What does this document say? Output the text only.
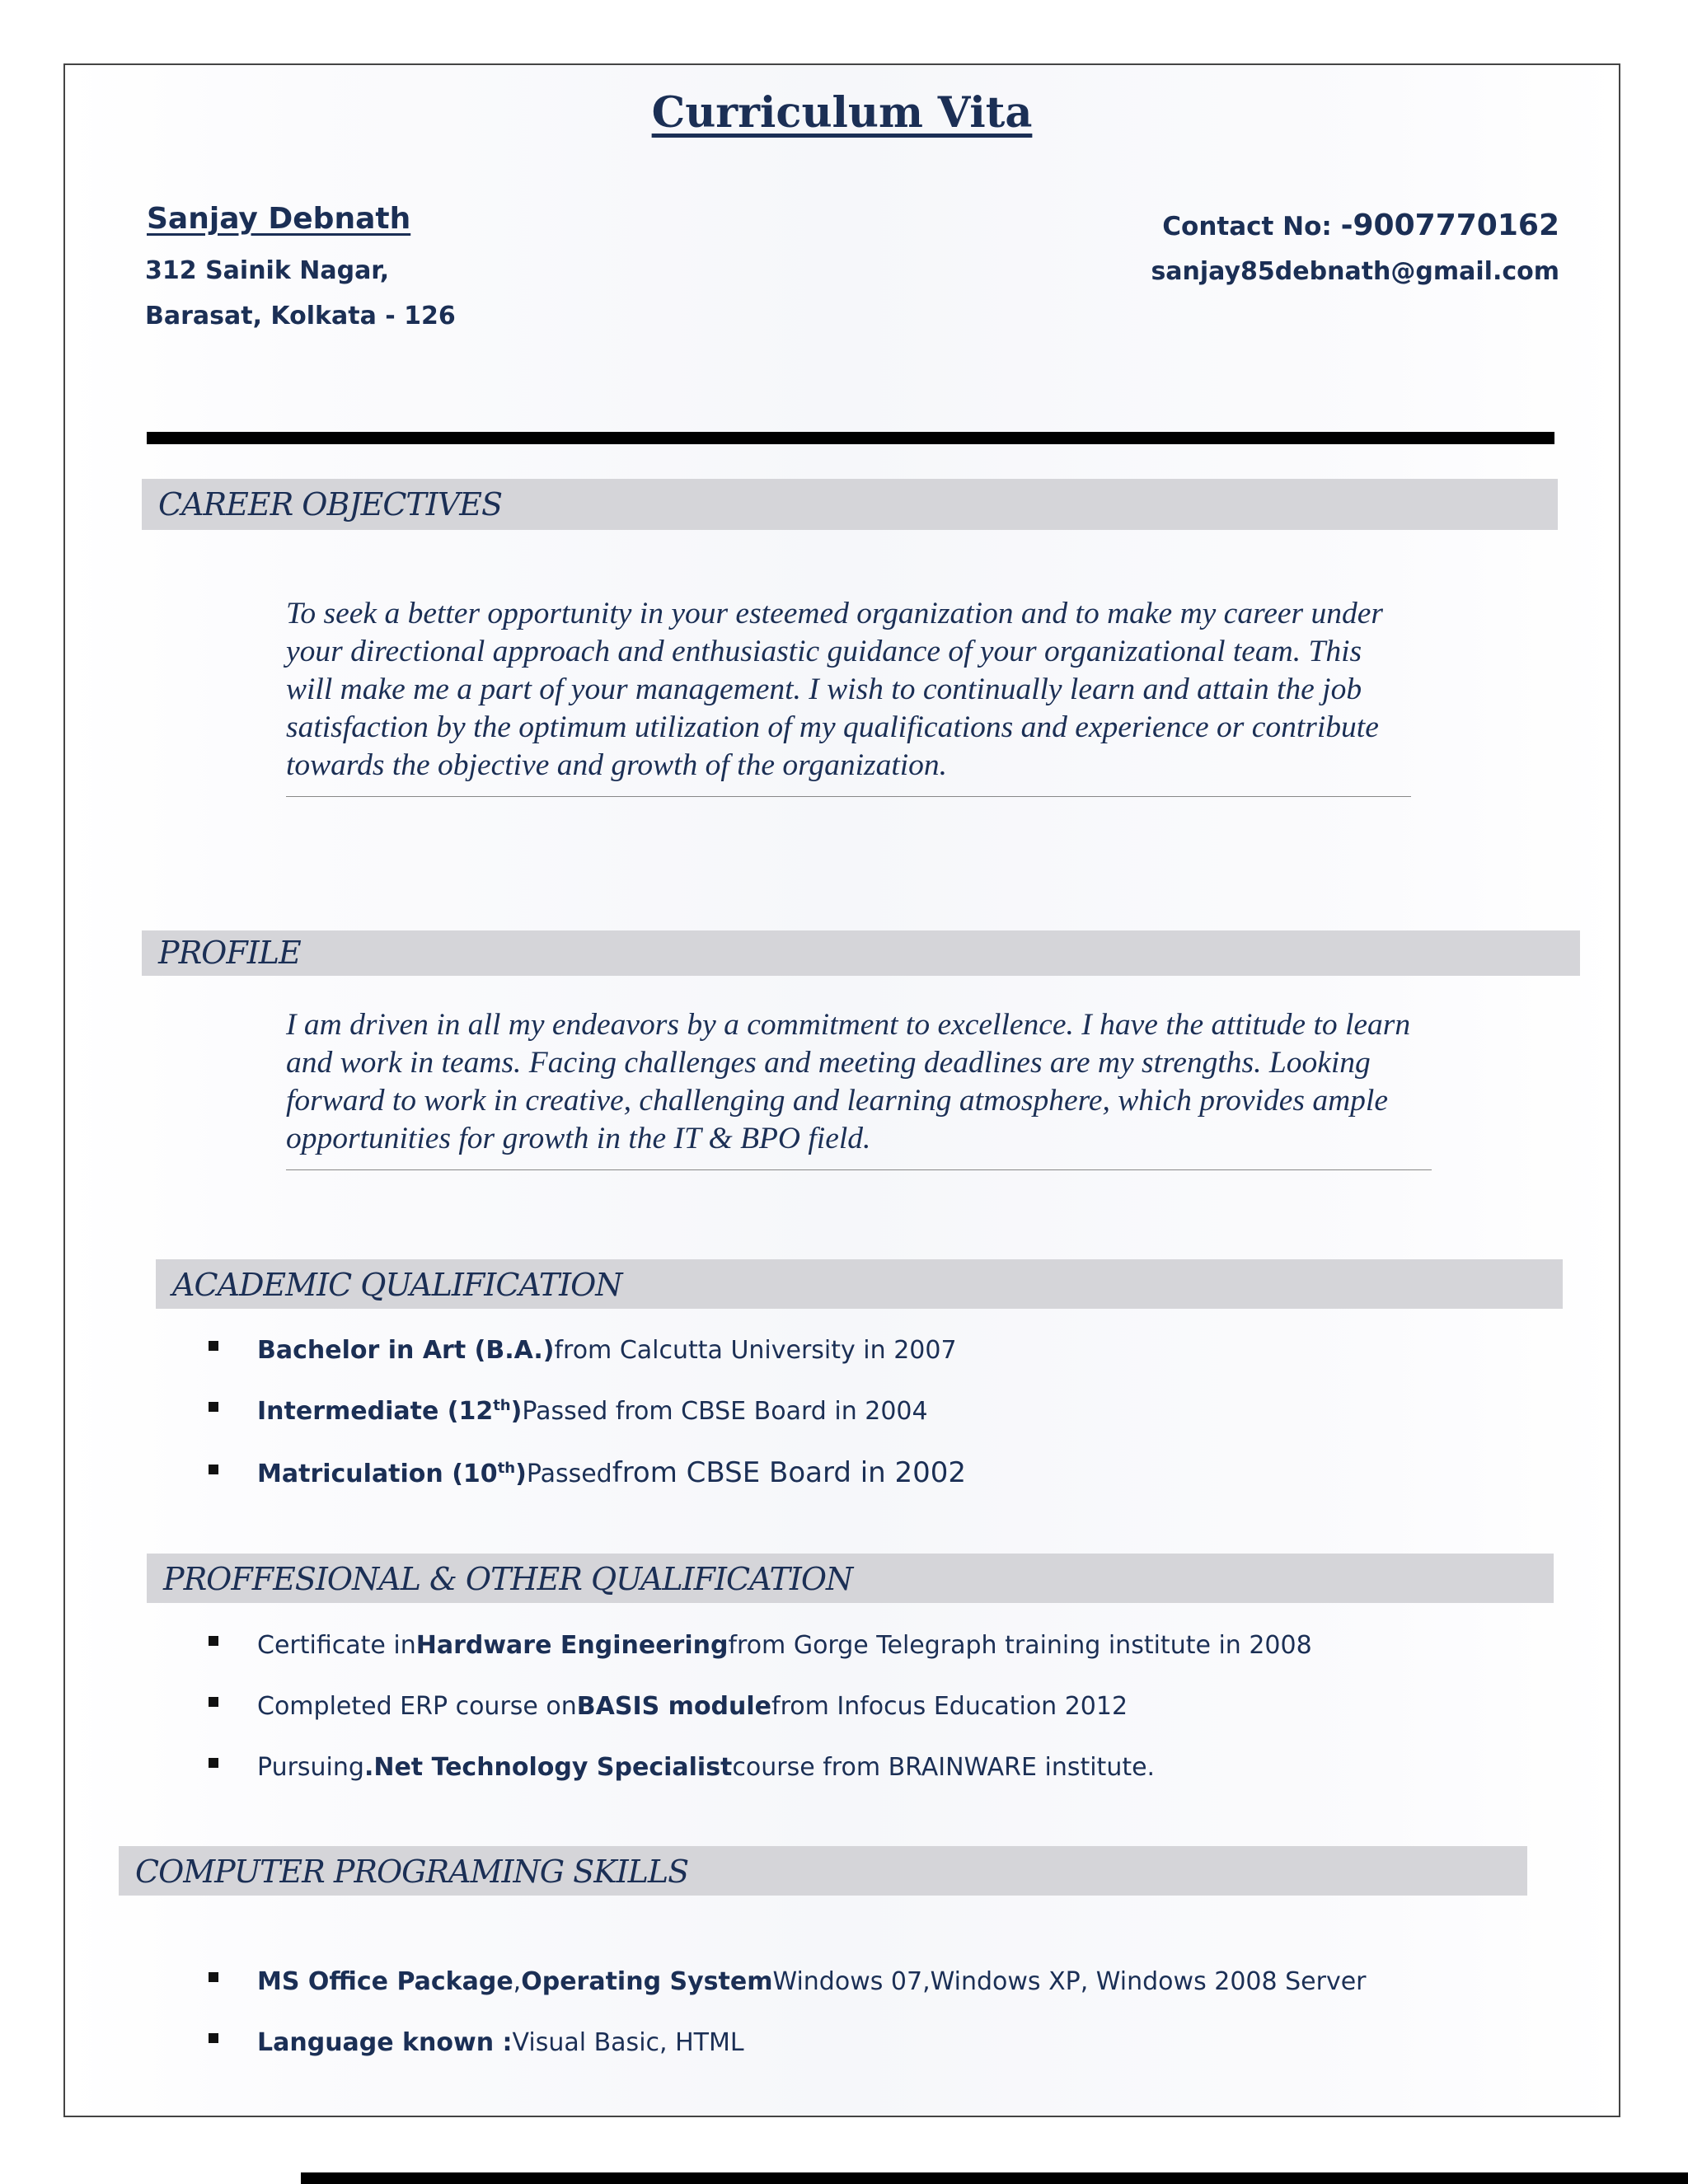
Curriculum Vita
Sanjay Debnath
312 Sainik Nagar,
Barasat, Kolkata - 126
Contact No: -9007770162
sanjay85debnath@gmail.com
CAREER OBJECTIVES
To seek a better opportunity in your esteemed organization and to make my career under your directional approach and enthusiastic guidance of your organizational team. This will make me a part of your management. I wish to continually learn and attain the job satisfaction by the optimum utilization of my qualifications and experience or contribute towards the objective and growth of the organization.
PROFILE
I am driven in all my endeavors by a commitment to excellence. I have the attitude to learn and work in teams. Facing challenges and meeting deadlines are my strengths. Looking forward to work in creative, challenging and learning atmosphere, which provides ample opportunities for growth in the IT & BPO field.
ACADEMIC QUALIFICATION
Bachelor in Art (B.A.) from Calcutta University in 2007
Intermediate (12th) Passed from CBSE Board in 2004
Matriculation (10th) Passed from CBSE Board in 2002
PROFFESIONAL & OTHER QUALIFICATION
Certificate in Hardware Engineering from Gorge Telegraph training institute in 2008
Completed ERP course on BASIS module from Infocus Education 2012
Pursuing .Net Technology Specialist course from BRAINWARE institute.
COMPUTER PROGRAMING SKILLS
MS Office Package , Operating System Windows 07,Windows XP, Windows 2008 Server
Language known : Visual Basic, HTML
